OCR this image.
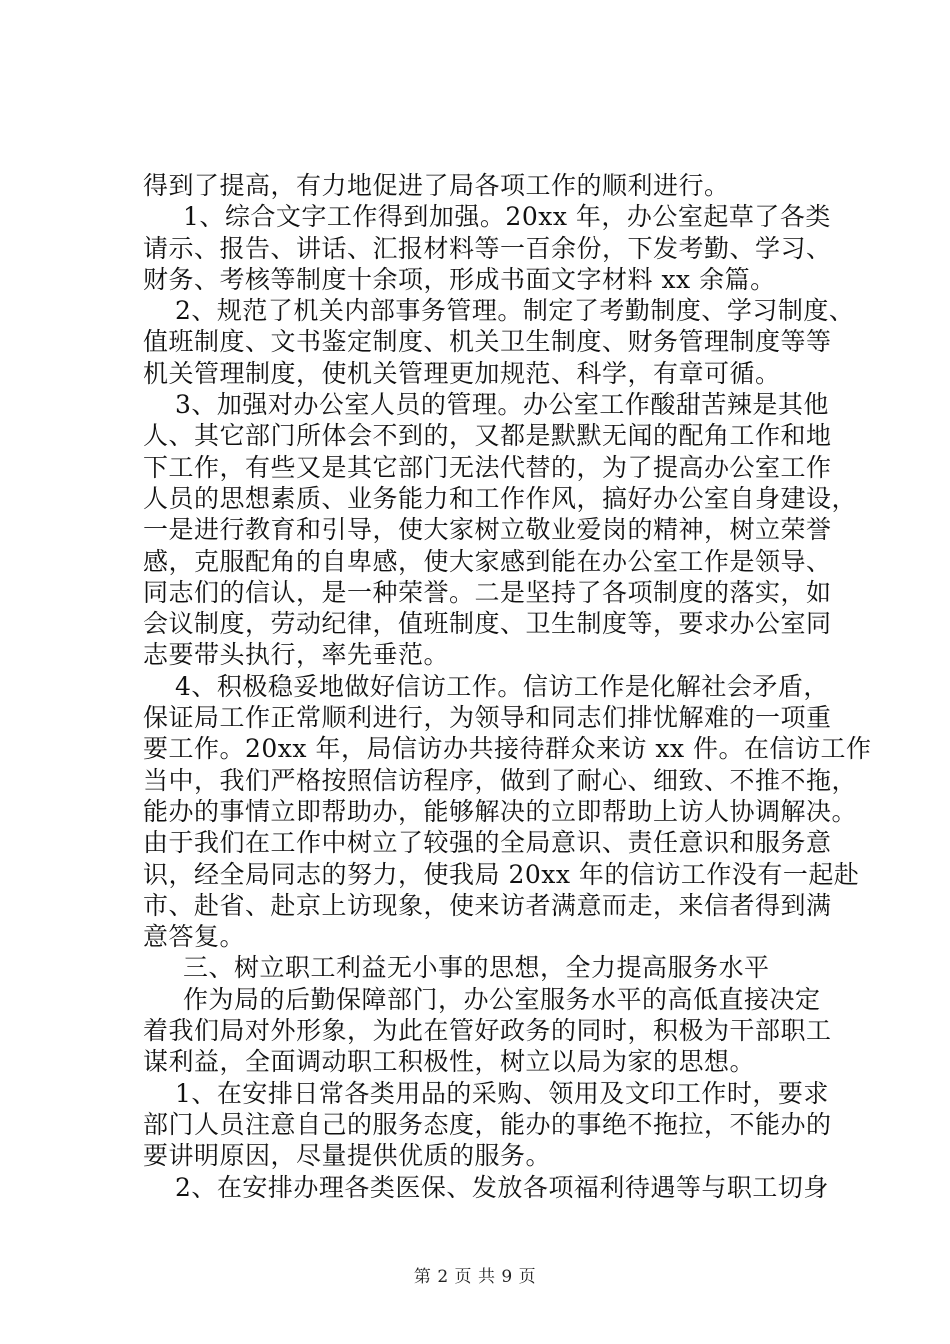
得到了提高，有力地促进了局各项工作的顺利进行。
1、综合文字工作得到加强。20xx 年，办公室起草了各类
请示、报告、讲话、汇报材料等一百余份，下发考勤、学习、
财务、考核等制度十余项，形成书面文字材料 xx 余篇。
2、规范了机关内部事务管理。制定了考勤制度、学习制度、
值班制度、文书鉴定制度、机关卫生制度、财务管理制度等等
机关管理制度，使机关管理更加规范、科学，有章可循。
3、加强对办公室人员的管理。办公室工作酸甜苦辣是其他
人、其它部门所体会不到的，又都是默默无闻的配角工作和地
下工作，有些又是其它部门无法代替的，为了提高办公室工作
人员的思想素质、业务能力和工作作风，搞好办公室自身建设，
一是进行教育和引导，使大家树立敬业爱岗的精神，树立荣誉
感，克服配角的自卑感，使大家感到能在办公室工作是领导、
同志们的信认，是一种荣誉。二是坚持了各项制度的落实，如
会议制度，劳动纪律，值班制度、卫生制度等，要求办公室同
志要带头执行，率先垂范。
4、积极稳妥地做好信访工作。信访工作是化解社会矛盾，
保证局工作正常顺利进行，为领导和同志们排忧解难的一项重
要工作。20xx 年，局信访办共接待群众来访 xx 件。在信访工作
当中，我们严格按照信访程序，做到了耐心、细致、不推不拖，
能办的事情立即帮助办，能够解决的立即帮助上访人协调解决。
由于我们在工作中树立了较强的全局意识、责任意识和服务意
识，经全局同志的努力，使我局 20xx 年的信访工作没有一起赴
市、赴省、赴京上访现象，使来访者满意而走，来信者得到满
意答复。
三、树立职工利益无小事的思想，全力提高服务水平
作为局的后勤保障部门，办公室服务水平的高低直接决定
着我们局对外形象，为此在管好政务的同时，积极为干部职工
谋利益，全面调动职工积极性，树立以局为家的思想。
1、在安排日常各类用品的采购、领用及文印工作时，要求
部门人员注意自己的服务态度，能办的事绝不拖拉，不能办的
要讲明原因，尽量提供优质的服务。
2、在安排办理各类医保、发放各项福利待遇等与职工切身
第 2 页 共 9 页
